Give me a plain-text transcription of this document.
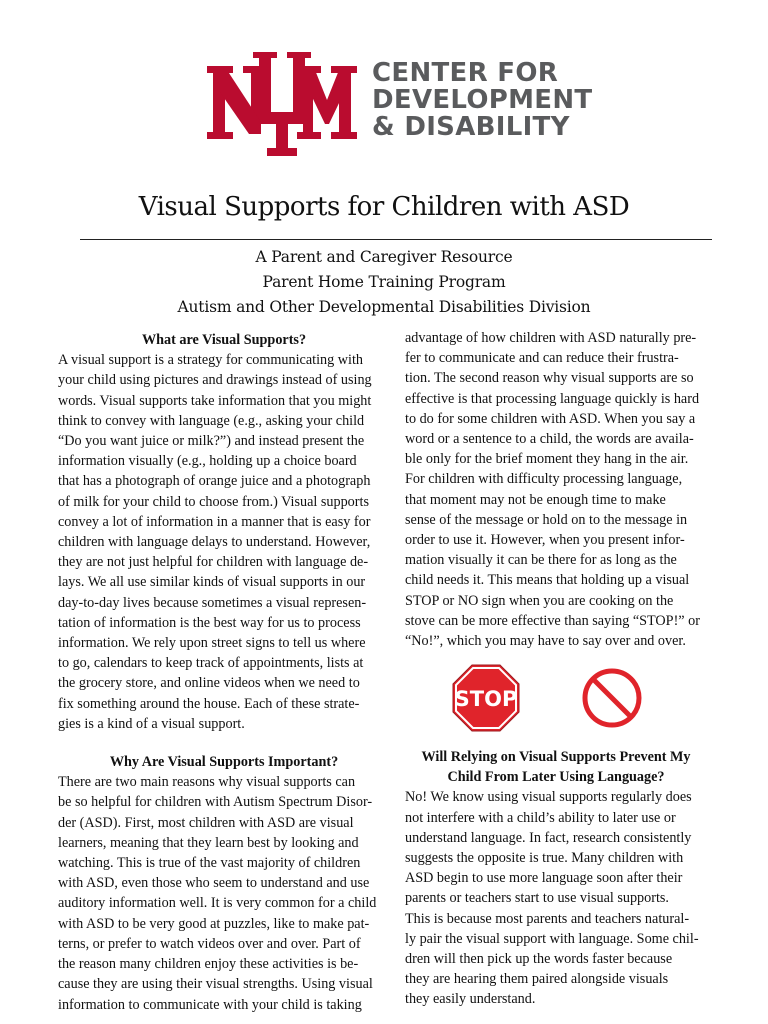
CENTER FOR
DEVELOPMENT
& DISABILITY
Visual Supports for Children with ASD
A Parent and Caregiver Resource
Parent Home Training Program
Autism and Other Developmental Disabilities Division
What are Visual Supports?
A visual support is a strategy for communicating with
your child using pictures and drawings instead of using
words. Visual supports take information that you might
think to convey with language (e.g., asking your child
“Do you want juice or milk?”) and instead present the
information visually (e.g., holding up a choice board
that has a photograph of orange juice and a photograph
of milk for your child to choose from.) Visual supports
convey a lot of information in a manner that is easy for
children with language delays to understand. However,
they are not just helpful for children with language de-
lays. We all use similar kinds of visual supports in our
day-to-day lives because sometimes a visual represen-
tation of information is the best way for us to process
information. We rely upon street signs to tell us where
to go, calendars to keep track of appointments, lists at
the grocery store, and online videos when we need to
fix something around the house. Each of these strate-
gies is a kind of a visual support.
Why Are Visual Supports Important?
There are two main reasons why visual supports can
be so helpful for children with Autism Spectrum Disor-
der (ASD). First, most children with ASD are visual
learners, meaning that they learn best by looking and
watching. This is true of the vast majority of children
with ASD, even those who seem to understand and use
auditory information well. It is very common for a child
with ASD to be very good at puzzles, like to make pat-
terns, or prefer to watch videos over and over. Part of
the reason many children enjoy these activities is be-
cause they are using their visual strengths. Using visual
information to communicate with your child is taking
advantage of how children with ASD naturally pre-
fer to communicate and can reduce their frustra-
tion. The second reason why visual supports are so
effective is that processing language quickly is hard
to do for some children with ASD. When you say a
word or a sentence to a child, the words are availa-
ble only for the brief moment they hang in the air.
For children with difficulty processing language,
that moment may not be enough time to make
sense of the message or hold on to the message in
order to use it. However, when you present infor-
mation visually it can be there for as long as the
child needs it. This means that holding up a visual
STOP or NO sign when you are cooking on the
stove can be more effective than saying “STOP!” or
“No!”, which you may have to say over and over.
STOP
Will Relying on Visual Supports Prevent My
Child From Later Using Language?
No! We know using visual supports regularly does
not interfere with a child’s ability to later use or
understand language. In fact, research consistently
suggests the opposite is true. Many children with
ASD begin to use more language soon after their
parents or teachers start to use visual supports.
This is because most parents and teachers natural-
ly pair the visual support with language. Some chil-
dren will then pick up the words faster because
they are hearing them paired alongside visuals
they easily understand.
